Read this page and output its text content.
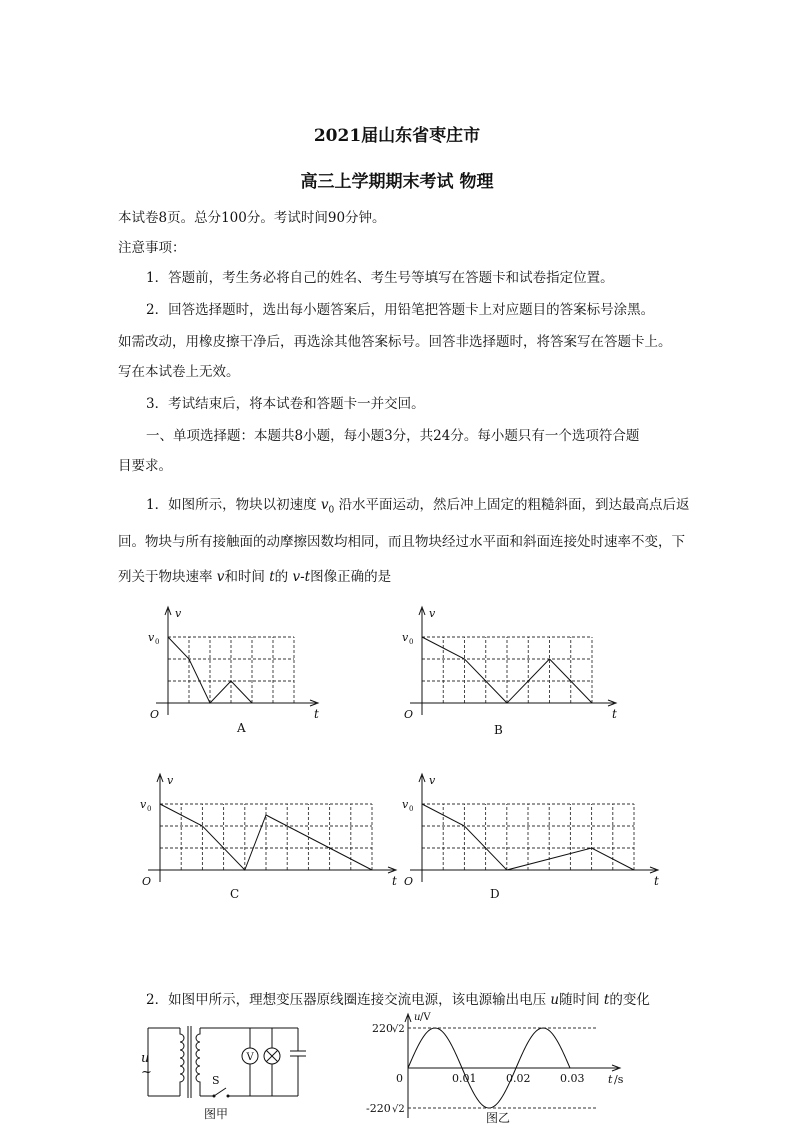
2021届山东省枣庄市
高三上学期期末考试 物理
本试卷8页。总分100分。考试时间90分钟。
注意事项：
1．答题前，考生务必将自己的姓名、考生号等填写在答题卡和试卷指定位置。
2．回答选择题时，选出每小题答案后，用铅笔把答题卡上对应题目的答案标号涂黑。
如需改动，用橡皮擦干净后，再选涂其他答案标号。回答非选择题时，将答案写在答题卡上。
写在本试卷上无效。
3．考试结束后，将本试卷和答题卡一并交回。
一、单项选择题：本题共8小题，每小题3分，共24分。每小题只有一个选项符合题
目要求。
1．如图所示，物块以初速度 $v_0$ 沿水平面运动，然后冲上固定的粗糙斜面，到达最高点后返
回。物块与所有接触面的动摩擦因数均相同，而且物块经过水平面和斜面连接处时速率不变，下
列关于物块速率 v和时间 t的 v-t图像正确的是
v
t
O
v 0
A
v
t
O
v 0
B
v
t
O
v 0
C
v
t
O
v 0
D
2．如图甲所示，理想变压器原线圈连接交流电源，该电源输出电压 u随时间 t的变化
u
~
S
V
图甲
220 √2
-220 √2
0	0.01	0.02	0.03 t /s
u /V
图乙
